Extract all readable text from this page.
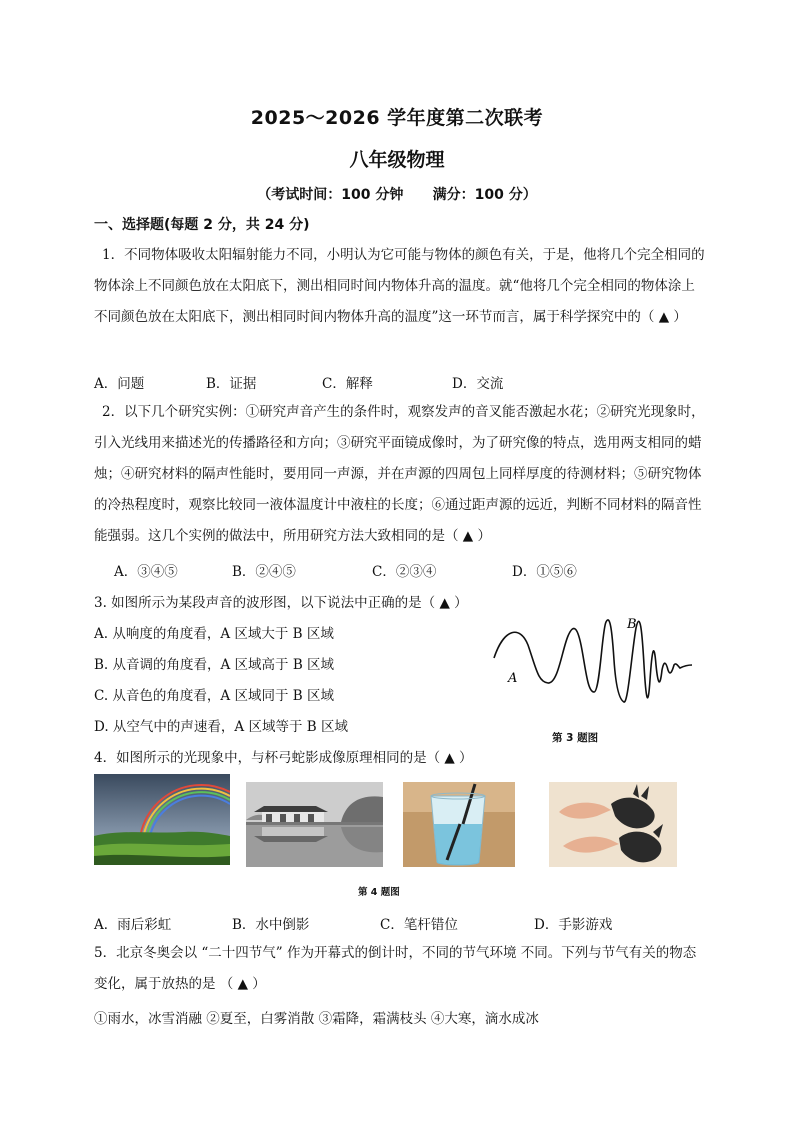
2025～2026 学年度第二次联考
八年级物理
（考试时间：100 分钟      满分：100 分）
一、选择题(每题 2 分，共 24 分)

1．不同物体吸收太阳辐射能力不同，小明认为它可能与物体的颜色有关，于是，他将几个完全相同的物体涂上不同颜色放在太阳底下，测出相同时间内物体升高的温度。就“他将几个完全相同的物体涂上不同颜色放在太阳底下，测出相同时间内物体升高的温度”这一环节而言，属于科学探究中的（ ▲ ）

A．问题	B．证据	C．解释	D．交流

2．以下几个研究实例：①研究声音产生的条件时，观察发声的音叉能否激起水花；②研究光现象时，引入光线用来描述光的传播路径和方向；③研究平面镜成像时，为了研究像的特点，选用两支相同的蜡烛；④研究材料的隔声性能时，要用同一声源，并在声源的四周包上同样厚度的待测材料；⑤研究物体的冷热程度时，观察比较同一液体温度计中液柱的长度；⑥通过距声源的远近，判断不同材料的隔音性能强弱。这几个实例的做法中，所用研究方法大致相同的是（ ▲ ）

A．③④⑤	B．②④⑤	C．②③④	D．①⑤⑥
3. 如图所示为某段声音的波形图，以下说法中正确的是（ ▲ ）
A. 从响度的角度看，A 区域大于 B 区域
B. 从音调的角度看，A 区域高于 B 区域
C. 从音色的角度看，A 区域同于 B 区域
D. 从空气中的声速看，A 区域等于 B 区域
A
B
第 3 题图
4．如图所示的光现象中，与杯弓蛇影成像原理相同的是（ ▲ ）
第 4 题图
A．雨后彩虹	B．水中倒影	C．笔杆错位	D．手影游戏

5．北京冬奥会以 “二十四节气” 作为开幕式的倒计时，不同的节气环境 不同。下列与节气有关的物态变化，属于放热的是 （ ▲ ）

①雨水，冰雪消融 ②夏至，白雾消散 ③霜降，霜满枝头 ④大寒，滴水成冰
